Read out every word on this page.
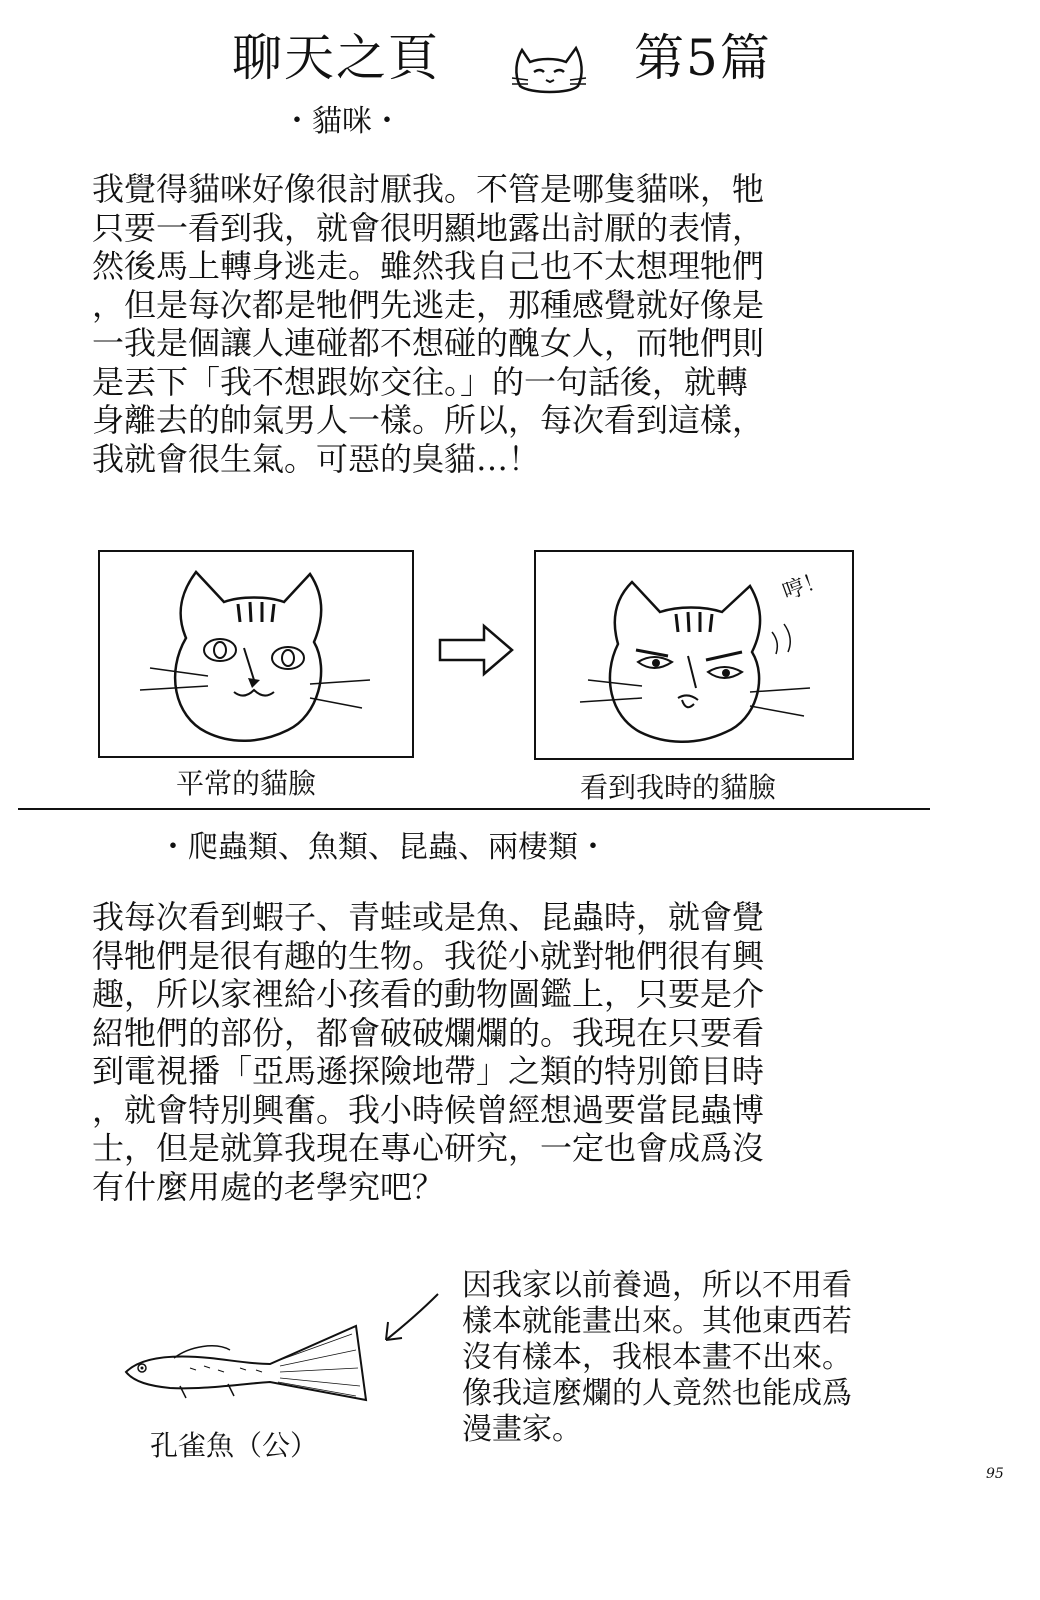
聊天之頁	第5篇
・貓咪・
我覺得貓咪好像很討厭我。不管是哪隻貓咪，牠
只要一看到我，就會很明顯地露出討厭的表情，
然後馬上轉身逃走。雖然我自己也不太想理牠們
，但是每次都是牠們先逃走，那種感覺就好像是
一我是個讓人連碰都不想碰的醜女人，而牠們則
是丟下「我不想跟妳交往。」的一句話後，就轉
身離去的帥氣男人一樣。所以，每次看到這樣，
我就會很生氣。可惡的臭貓…！
哼！
平常的貓臉	看到我時的貓臉
・爬蟲類、魚類、昆蟲、兩棲類・
我每次看到蝦子、青蛙或是魚、昆蟲時，就會覺
得牠們是很有趣的生物。我從小就對牠們很有興
趣，所以家裡給小孩看的動物圖鑑上，只要是介
紹牠們的部份，都會破破爛爛的。我現在只要看
到電視播「亞馬遜探險地帶」之類的特別節目時
，就會特別興奮。我小時候曾經想過要當昆蟲博
士，但是就算我現在專心研究，一定也會成爲沒
有什麼用處的老學究吧？
孔雀魚（公）
因我家以前養過，所以不用看
樣本就能畫出來。其他東西若
沒有樣本，我根本畫不出來。
像我這麼爛的人竟然也能成爲
漫畫家。
95
